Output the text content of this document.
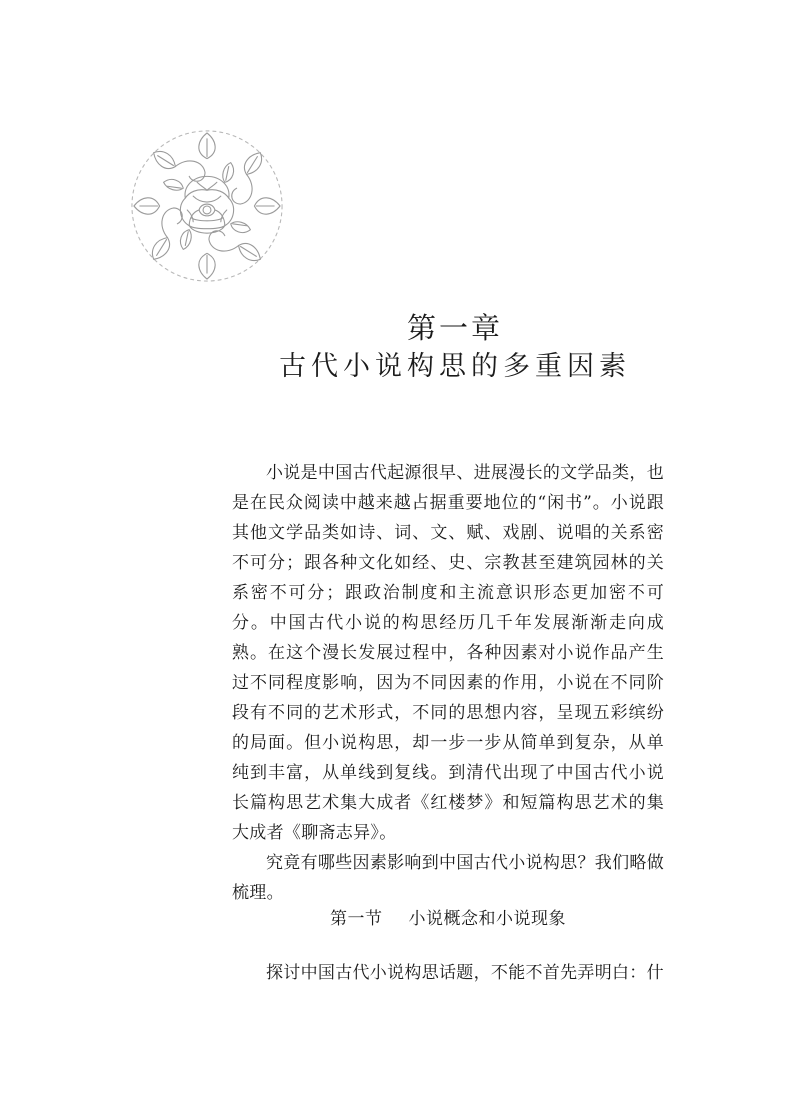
第一章
古代小说构思的多重因素

小说是中国古代起源很早、进展漫长的文学品类，也是在民众阅读中越来越占据重要地位的“闲书”。小说跟其他文学品类如诗、词、文、赋、戏剧、说唱的关系密不可分；跟各种文化如经、史、宗教甚至建筑园林的关系密不可分；跟政治制度和主流意识形态更加密不可分。中国古代小说的构思经历几千年发展渐渐走向成熟。在这个漫长发展过程中，各种因素对小说作品产生过不同程度影响，因为不同因素的作用，小说在不同阶段有不同的艺术形式，不同的思想内容，呈现五彩缤纷的局面。但小说构思，却一步一步从简单到复杂，从单纯到丰富，从单线到复线。到清代出现了中国古代小说长篇构思艺术集大成者《红楼梦》和短篇构思艺术的集大成者《聊斋志异》。

究竟有哪些因素影响到中国古代小说构思？我们略做梳理。

第一节 小说概念和小说现象

探讨中国古代小说构思话题，不能不首先弄明白：什
